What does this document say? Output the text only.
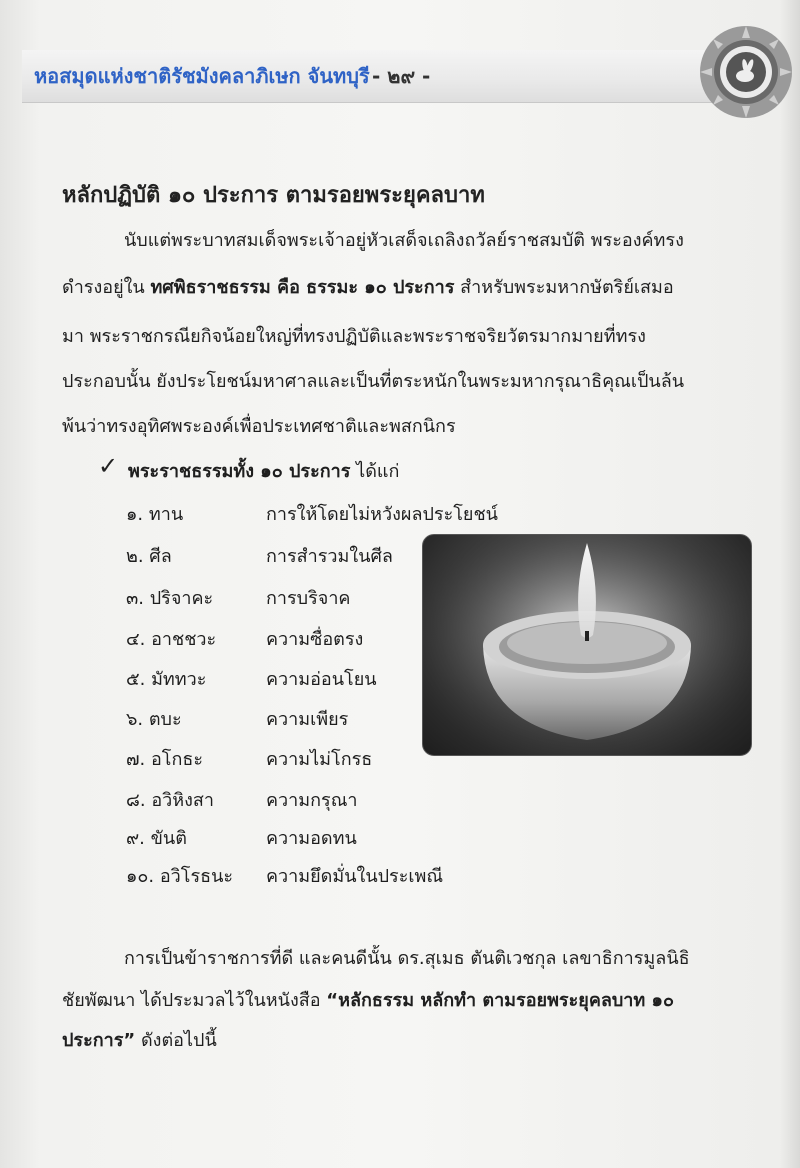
หอสมุดแห่งชาติรัชมังคลาภิเษก จันทบุรี - ๒๙ -
หลักปฏิบัติ ๑๐ ประการ ตามรอยพระยุคลบาท
นับแต่พระบาทสมเด็จพระเจ้าอยู่หัวเสด็จเถลิงถวัลย์ราชสมบัติ พระองค์ทรง
ดำรงอยู่ใน ทศพิธราชธรรม คือ ธรรมะ ๑๐ ประการ สำหรับพระมหากษัตริย์เสมอ
มา พระราชกรณียกิจน้อยใหญ่ที่ทรงปฏิบัติและพระราชจริยวัตรมากมายที่ทรง
ประกอบนั้น ยังประโยชน์มหาศาลและเป็นที่ตระหนักในพระมหากรุณาธิคุณเป็นล้น
พ้นว่าทรงอุทิศพระองค์เพื่อประเทศชาติและพสกนิกร
✓ พระราชธรรมทั้ง ๑๐ ประการ ได้แก่
๑. ทาน	การให้โดยไม่หวังผลประโยชน์
๒. ศีล	การสำรวมในศีล
๓. ปริจาคะ	การบริจาค
๔. อาชชวะ	ความซื่อตรง
๕. มัททวะ	ความอ่อนโยน
๖. ตบะ	ความเพียร
๗. อโกธะ	ความไม่โกรธ
๘. อวิหิงสา	ความกรุณา
๙. ขันติ	ความอดทน
๑๐. อวิโรธนะ ความยึดมั่นในประเพณี
การเป็นข้าราชการที่ดี และคนดีนั้น ดร.สุเมธ ตันติเวชกุล เลขาธิการมูลนิธิ
ชัยพัฒนา ได้ประมวลไว้ในหนังสือ “หลักธรรม หลักทำ ตามรอยพระยุคลบาท ๑๐
ประการ” ดังต่อไปนี้
